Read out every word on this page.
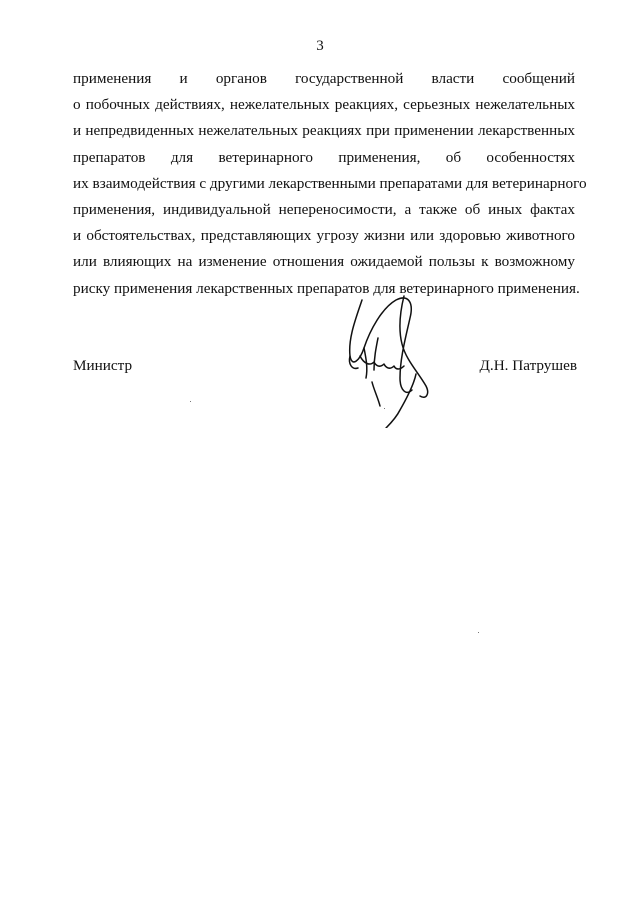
3
применения и органов государственной власти сообщений
о побочных действиях, нежелательных реакциях, серьезных нежелательных
и непредвиденных нежелательных реакциях при применении лекарственных
препаратов для ветеринарного применения, об особенностях
их взаимодействия с другими лекарственными препаратами для ветеринарного
применения, индивидуальной непереносимости, а также об иных фактах
и обстоятельствах, представляющих угрозу жизни или здоровью животного
или влияющих на изменение отношения ожидаемой пользы к возможному
риску применения лекарственных препаратов для ветеринарного применения.
Министр	Д.Н. Патрушев
